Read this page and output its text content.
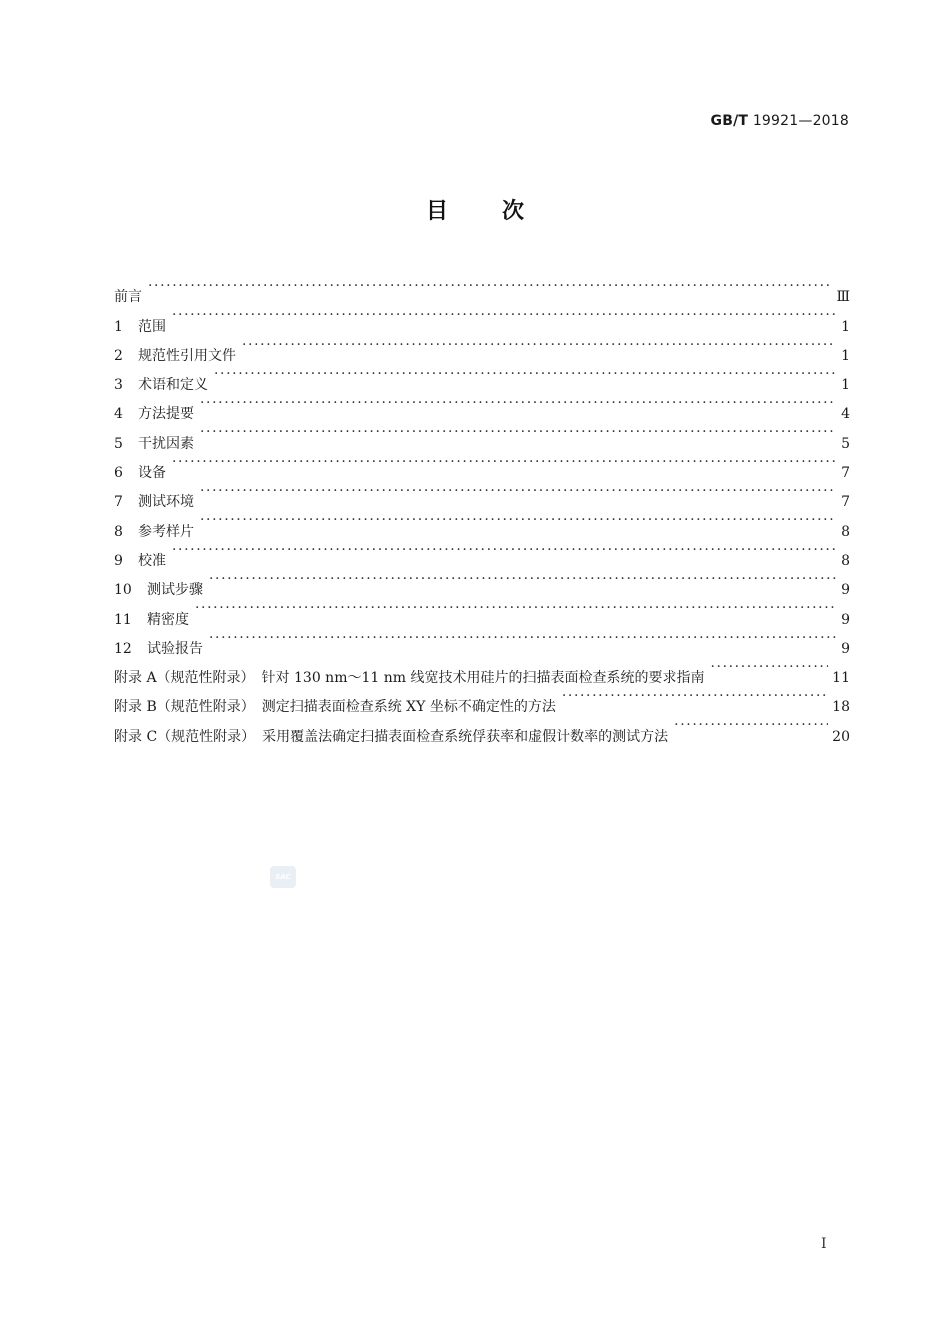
GB/T 19921—2018
目次
前言 ·····	Ⅲ
1	范围 ·····	1
2	规范性引用文件 ·····	1
3	术语和定义 ·····	1
4	方法提要 ·····	4
5	干扰因素 ·····	5
6	设备 ·····	7
7	测试环境 ·····	7
8	参考样片 ·····	8
9	校准 ·····	8
10	测试步骤 ·····	9
11	精密度 ·····	9
12	试验报告 ·····	9
附录 A（规范性附录）　针对 130 nm～11 nm 线宽技术用硅片的扫描表面检查系统的要求指南 ·····	11
附录 B（规范性附录）　测定扫描表面检查系统 XY 坐标不确定性的方法 ·····	18
附录 C（规范性附录）　采用覆盖法确定扫描表面检查系统俘获率和虚假计数率的测试方法 ·····	20
SAC
I
